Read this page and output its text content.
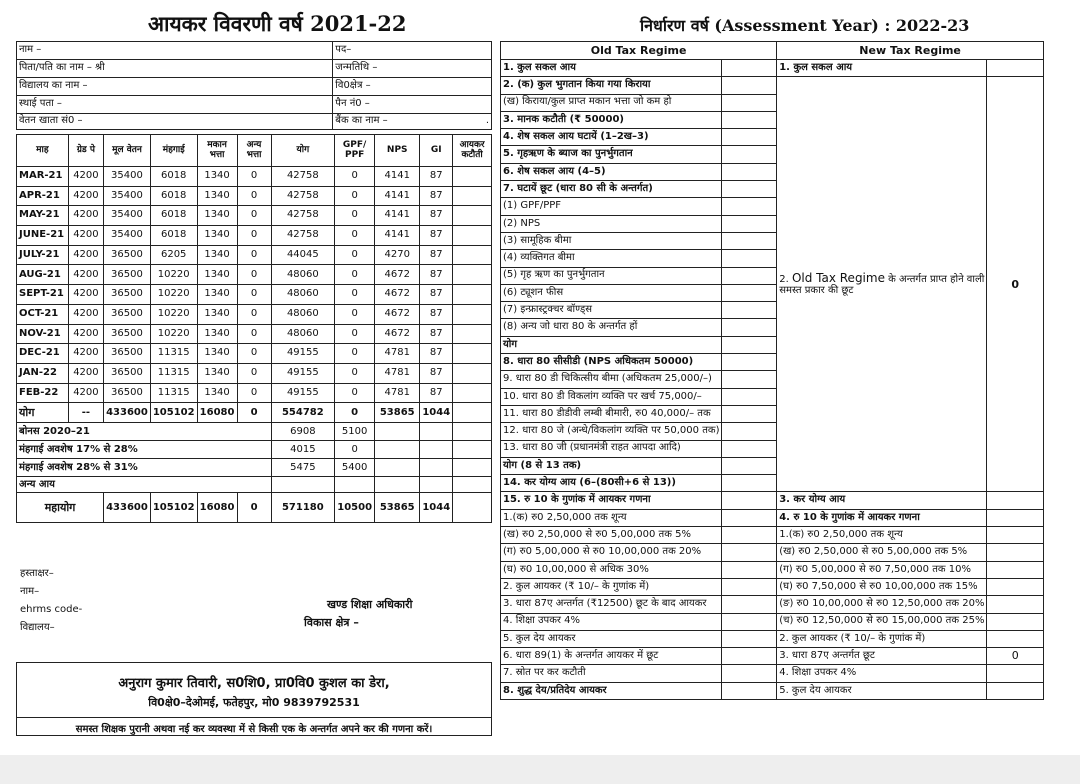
आयकर विवरणी वर्ष 2021-22	निर्धारण वर्ष (Assessment Year) : 2022-23
नाम –	पद–
पिता/पति का नाम – श्री	जन्मतिथि –
विद्यालय का नाम –	वि0क्षेत्र –
स्थाई पता –	पैन नं0 –
वेतन खाता सं0 –	बैंक का नाम – .
माह	ग्रेड पे	मूल वेतन	मंहगाई	मकान भत्ता	अन्य भत्ता	योग	GPF/ PPF	NPS	GI	आयकर कटौती
MAR-21	4200	35400	6018	1340	0	42758	0	4141	87	
APR-21	4200	35400	6018	1340	0	42758	0	4141	87	
MAY-21	4200	35400	6018	1340	0	42758	0	4141	87	
JUNE-21	4200	35400	6018	1340	0	42758	0	4141	87	
JULY-21	4200	36500	6205	1340	0	44045	0	4270	87	
AUG-21	4200	36500	10220	1340	0	48060	0	4672	87	
SEPT-21	4200	36500	10220	1340	0	48060	0	4672	87	
OCT-21	4200	36500	10220	1340	0	48060	0	4672	87	
NOV-21	4200	36500	10220	1340	0	48060	0	4672	87	
DEC-21	4200	36500	11315	1340	0	49155	0	4781	87	
JAN-22	4200	36500	11315	1340	0	49155	0	4781	87	
FEB-22	4200	36500	11315	1340	0	49155	0	4781	87	
योग	--	433600	105102	16080	0	554782	0	53865	1044	
बोनस 2020–21						6908	5100			
मंहगाई अवशेष 17% से 28%						4015	0			
मंहगाई अवशेष 28% से 31%						5475	5400			
अन्य आय										
महायोग		433600	105102	16080	0	571180	10500	53865	1044	
हस्ताक्षर–
नाम–
ehrms code-
विद्यालय–
खण्ड शिक्षा अधिकारी
विकास क्षेत्र –
अनुराग कुमार तिवारी, स0शि0, प्रा0वि0 कुशल का डेरा,
वि0क्षे0–देओमई, फतेहपुर, मो0 9839792531
समस्त शिक्षक पुरानी अथवा नई कर व्यवस्था में से किसी एक के अन्तर्गत अपने कर की गणना करें।
Old Tax Regime		New Tax Regime	
1. कुल सकल आय		1. कुल सकल आय	
2. (क) कुल भुगतान किया गया किराया		2. Old Tax Regime के अन्तर्गत प्राप्त होने वाली समस्त प्रकार की छूट	0
(ख) किराया/कुल प्राप्त मकान भत्ता जो कम हो			
3. मानक कटौती (₹ 50000)			
4. शेष सकल आय घटायें (1–2ख–3)			
5. गृहऋण के ब्याज का पुनर्भुगतान			
6. शेष सकल आय (4–5)			
7. घटायें छूट (धारा 80 सी के अन्तर्गत)			
(1) GPF/PPF			
(2) NPS			
(3) सामूहिक बीमा			
(4) व्यक्तिगत बीमा			
(5) गृह ऋण का पुनर्भुगतान			
(6) ट्यूशन फीस			
(7) इन्फ्रास्ट्रक्चर बॉण्ड्स			
(8) अन्य जो धारा 80 के अन्तर्गत हों			
योग			
8. धारा 80 सीसीडी (NPS अधिकतम 50000)			
9. धारा 80 डी चिकित्सीय बीमा (अधिकतम 25,000/–)			
10. धारा 80 डी विकलांग व्यक्ति पर खर्च 75,000/–			
11. धारा 80 डीडीवी लम्बी बीमारी, रु0 40,000/– तक			
12. धारा 80 जे (अन्धे/विकलांग व्यक्ति पर 50,000 तक)			
13. धारा 80 जी (प्रधानमंत्री राहत आपदा आदि)			
योग (8 से 13 तक)			
14. कर योग्य आय (6–(80सी+6 से 13))			
15. रु 10 के गुणांक में आयकर गणना		3. कर योग्य आय	
1.(क) रु0 2,50,000 तक शून्य		4. रु 10 के गुणांक में आयकर गणना	
(ख) रु0 2,50,000 से रु0 5,00,000 तक 5%		1.(क) रु0 2,50,000 तक शून्य	
(ग) रु0 5,00,000 से रु0 10,00,000 तक 20%		(ख) रु0 2,50,000 से रु0 5,00,000 तक 5%	
(घ) रु0 10,00,000 से अधिक 30%		(ग) रु0 5,00,000 से रु0 7,50,000 तक 10%	
2. कुल आयकर (₹ 10/– के गुणांक में)		(घ) रु0 7,50,000 से रु0 10,00,000 तक 15%	
3. धारा 87ए अन्तर्गत (₹12500) छूट के बाद आयकर		(ङ) रु0 10,00,000 से रु0 12,50,000 तक 20%	
4. शिक्षा उपकर 4%		(च) रु0 12,50,000 से रु0 15,00,000 तक 25%	
5. कुल देय आयकर		2. कुल आयकर (₹ 10/– के गुणांक में)	
6. धारा 89(1) के अन्तर्गत आयकर में छूट		3. धारा 87ए अन्तर्गत छूट	0
7. स्रोत पर कर कटौती		4. शिक्षा उपकर 4%	
8. शुद्ध देय/प्रतिदेय आयकर		5. कुल देय आयकर	
